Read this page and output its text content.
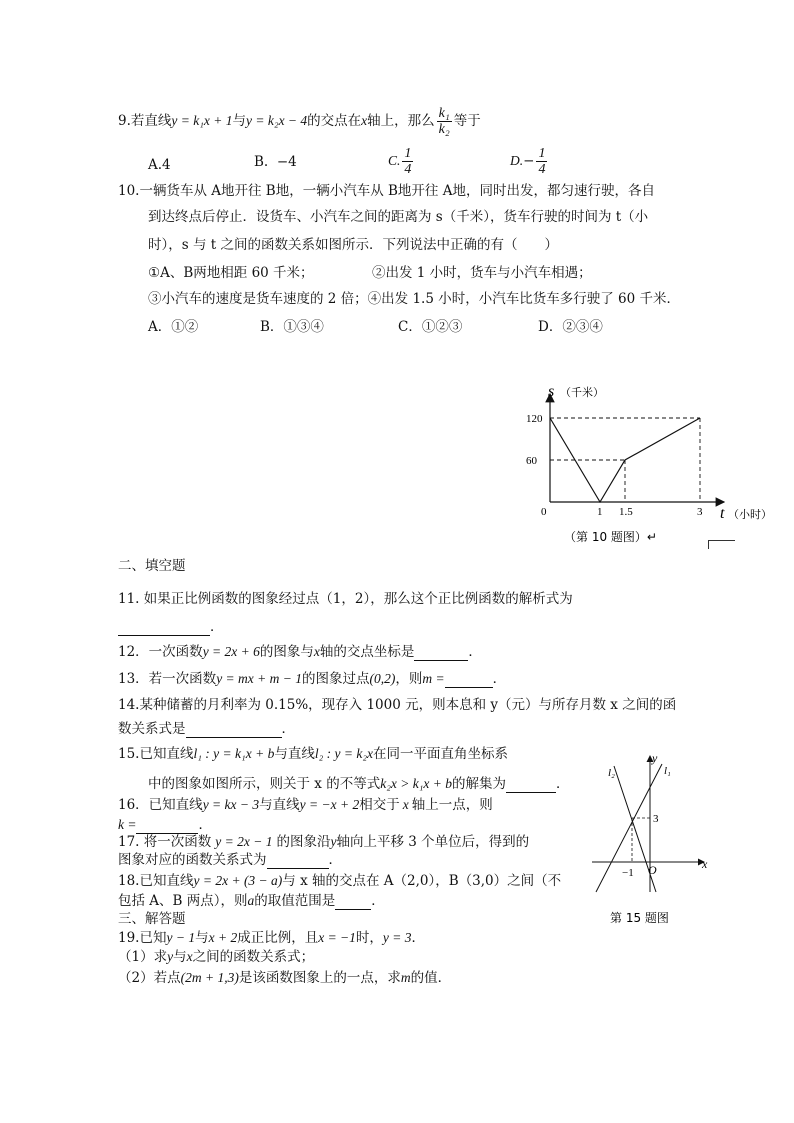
9.若直线y = k₁x + 1与y = k₂x − 4的交点在x轴上，那么 $\frac{\text{k₁}}{\text{k₂}}$ 等于
A.4	B. −4	C. $\frac{1}{4}$	$D.- \frac{1}{4}$
10.一辆货车从 A地开往 B地，一辆小汽车从 B地开往 A地，同时出发，都匀速行驶，各自
到达终点后停止．设货车、小汽车之间的距离为 s（千米），货车行驶的时间为 t（小
时），s 与 t 之间的函数关系如图所示．下列说法中正确的有（　　）
①A、B两地相距 60 千米；	②出发 1 小时，货车与小汽车相遇；
③小汽车的速度是货车速度的 2 倍；④出发 1.5 小时，小汽车比货车多行驶了 60 千米．
A．①②	B．①③④	C．①②③	D．②③④
s （千米）
t （小时）
0
120
60
1 1.5	3
（第 10 题图）↵
二、填空题
11. 如果正比例函数的图象经过点（1，2），那么这个正比例函数的解析式为
．
12．一次函数y = 2x + 6的图象与x轴的交点坐标是	．
13．若一次函数y = mx + m − 1的图象过点(0,2)，则m =	．
14.某种储蓄的月利率为 0.15%，现存入 1000 元，则本息和 y（元）与所存月数 x 之间的函
数关系式是	．
15.已知直线l₁ : y = k₁x + b与直线l₂ : y = k₂x在同一平面直角坐标系
中的图象如图所示，则关于 x 的不等式k₂x > k₁x + b的解集为	．
l₂	l₁
y
x
O
3
−1
第 15 题图
16．已知直线y = kx − 3与直线y = −x + 2相交于 x 轴上一点，则
k =	．
17. 将一次函数 y = 2x − 1 的图象沿y轴向上平移 3 个单位后，得到的
图象对应的函数关系式为	．
18.已知直线y = 2x + (3 − a)与 x 轴的交点在 A（2,0），B（3,0）之间（不
包括 A、B 两点），则a的取值范围是	．
三、解答题
19.已知y − 1与x + 2成正比例，且x = −1时，y = 3．
（1）求y与x之间的函数关系式；
（2）若点(2m + 1,3)是该函数图象上的一点，求m的值．
